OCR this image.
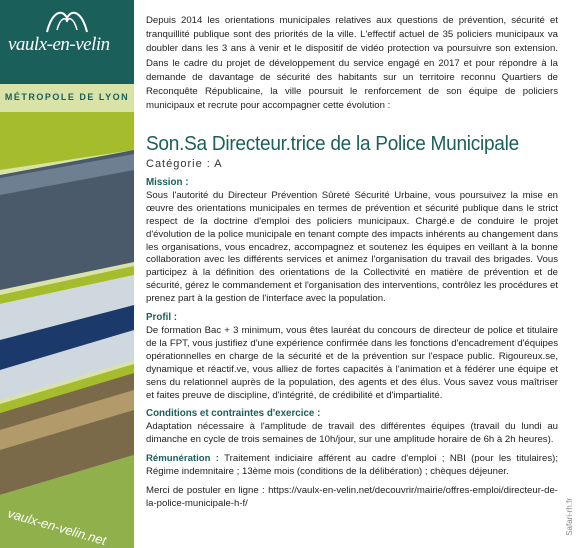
vaulx-en-velin
MÉTROPOLE DE LYON
vaulx-en-velin.net
Depuis 2014 les orientations municipales relatives aux questions de prévention, sécurité et tranquillité publique sont des priorités de la ville. L'effectif actuel de 35 policiers municipaux va doubler dans les 3 ans à venir et le dispositif de vidéo protection va poursuivre son extension. Dans le cadre du projet de développement du service engagé en 2017 et pour répondre à la demande de davantage de sécurité des habitants sur un territoire reconnu Quartiers de Reconquête Républicaine, la ville poursuit le renforcement de son équipe de policiers municipaux et recrute pour accompagner cette évolution :
Son.Sa Directeur.trice de la Police Municipale
Catégorie : A
Mission :

Sous l'autorité du Directeur Prévention Sûreté Sécurité Urbaine, vous poursuivez la mise en œuvre des orientations municipales en termes de prévention et sécurité publique dans le strict respect de la doctrine d'emploi des policiers municipaux. Chargé.e de conduire le projet d'évolution de la police municipale en tenant compte des impacts inhérents au changement dans les organisations, vous encadrez, accompagnez et soutenez les équipes en veillant à la bonne collaboration avec les différents services et animez l'organisation du travail des brigades. Vous participez à la définition des orientations de la Collectivité en matière de prévention et de sécurité, gérez le commandement et l'organisation des interventions, contrôlez les procédures et prenez part à la gestion de l'interface avec la population.

Profil :

De formation Bac + 3 minimum, vous êtes lauréat du concours de directeur de police et titulaire de la FPT, vous justifiez d'une expérience confirmée dans les fonctions d'encadrement d'équipes opérationnelles en charge de la sécurité et de la prévention sur l'espace public. Rigoureux.se, dynamique et réactif.ve, vous alliez de fortes capacités à l'animation et à fédérer une équipe et sens du relationnel auprès de la population, des agents et des élus. Vous savez vous maîtriser et faites preuve de discipline, d'intégrité, de crédibilité et d'impartialité.

Conditions et contraintes d'exercice :

Adaptation nécessaire à l'amplitude de travail des différentes équipes (travail du lundi au dimanche en cycle de trois semaines de 10h/jour, sur une amplitude horaire de 6h à 2h heures).

Rémunération : Traitement indiciaire afférent au cadre d'emploi ; NBI (pour les titulaires); Régime indemnitaire ; 13ème mois (conditions de la délibération) ; chèques déjeuner.

Merci de postuler en ligne : https://vaulx-en-velin.net/decouvrir/mairie/offres-emploi/directeur-de-la-police-municipale-h-f/	Safari-rh.fr
